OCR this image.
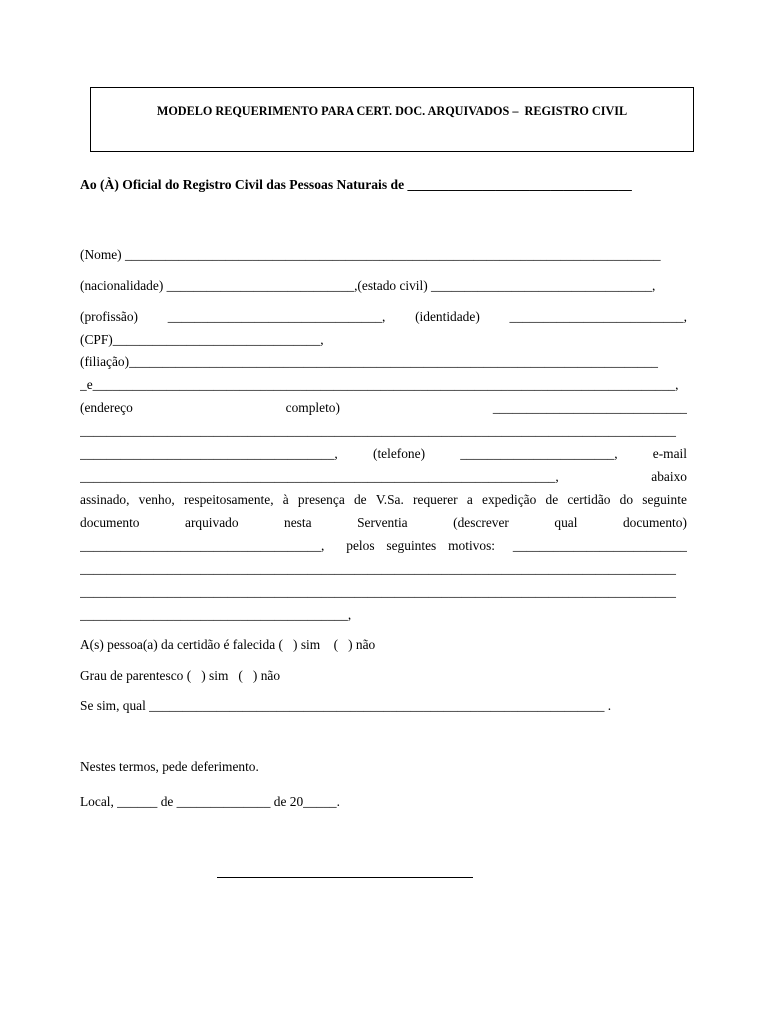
MODELO REQUERIMENTO PARA CERT. DOC. ARQUIVADOS –  REGISTRO CIVIL
Ao (À) Oficial do Registro Civil das Pessoas Naturais de _________________________________
(Nome) ________________________________________________________________________________
(nacionalidade) ____________________________,(estado civil) _________________________________,
(profissão) ________________________________, (identidade) __________________________,
(CPF)_______________________________,
(filiação)_______________________________________________________________________________
_e_______________________________________________________________________________________,
(endereço	completo)	_____________________________
_________________________________________________________________________________________
______________________________________,	(telefone)	_______________________,	e-mail
_______________________________________________________________________,	abaixo
assinado, venho, respeitosamente, à presença de V.Sa. requerer a expedição de certidão do seguinte
documento	arquivado	nesta	Serventia	(descrever	qual	documento)
____________________________________, pelos seguintes motivos: __________________________
_________________________________________________________________________________________
_________________________________________________________________________________________
________________________________________,
A(s) pessoa(a) da certidão é falecida (   ) sim    (   ) não
Grau de parentesco (   ) sim   (   ) não
Se sim, qual ____________________________________________________________________ .
Nestes termos, pede deferimento.
Local, ______ de ______________ de 20_____.
